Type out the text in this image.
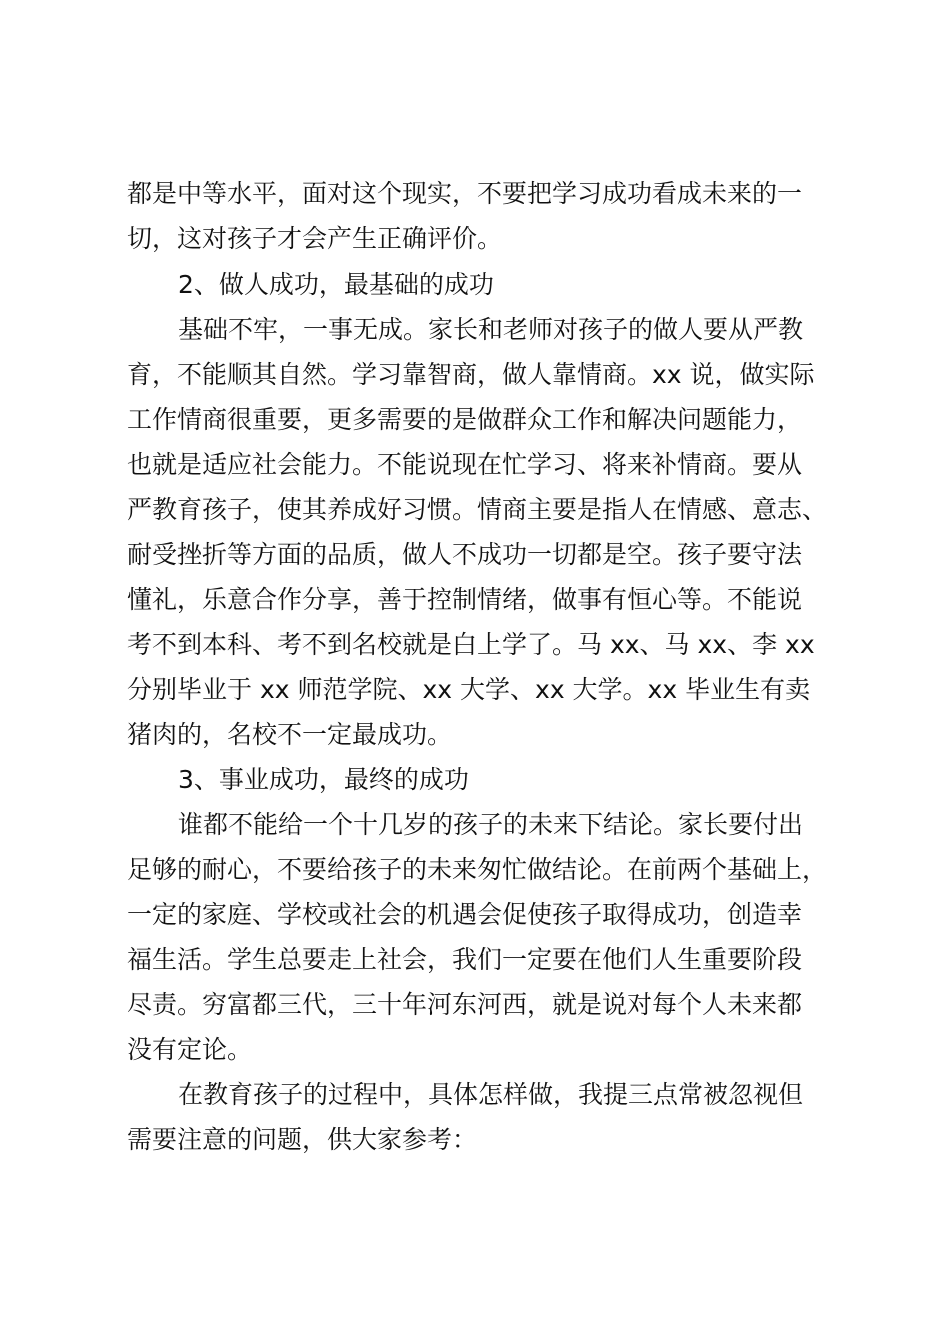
都是中等水平，面对这个现实，不要把学习成功看成未来的一
切，这对孩子才会产生正确评价。
2、做人成功，最基础的成功
基础不牢，一事无成。家长和老师对孩子的做人要从严教
育，不能顺其自然。学习靠智商，做人靠情商。xx 说，做实际
工作情商很重要，更多需要的是做群众工作和解决问题能力，
也就是适应社会能力。不能说现在忙学习、将来补情商。要从
严教育孩子，使其养成好习惯。情商主要是指人在情感、意志、
耐受挫折等方面的品质，做人不成功一切都是空。孩子要守法
懂礼，乐意合作分享，善于控制情绪，做事有恒心等。不能说
考不到本科、考不到名校就是白上学了。马 xx、马 xx、李 xx
分别毕业于 xx 师范学院、xx 大学、xx 大学。xx 毕业生有卖
猪肉的，名校不一定最成功。
3、事业成功，最终的成功
谁都不能给一个十几岁的孩子的未来下结论。家长要付出
足够的耐心，不要给孩子的未来匆忙做结论。在前两个基础上，
一定的家庭、学校或社会的机遇会促使孩子取得成功，创造幸
福生活。学生总要走上社会，我们一定要在他们人生重要阶段
尽责。穷富都三代，三十年河东河西，就是说对每个人未来都
没有定论。
在教育孩子的过程中，具体怎样做，我提三点常被忽视但
需要注意的问题，供大家参考：
